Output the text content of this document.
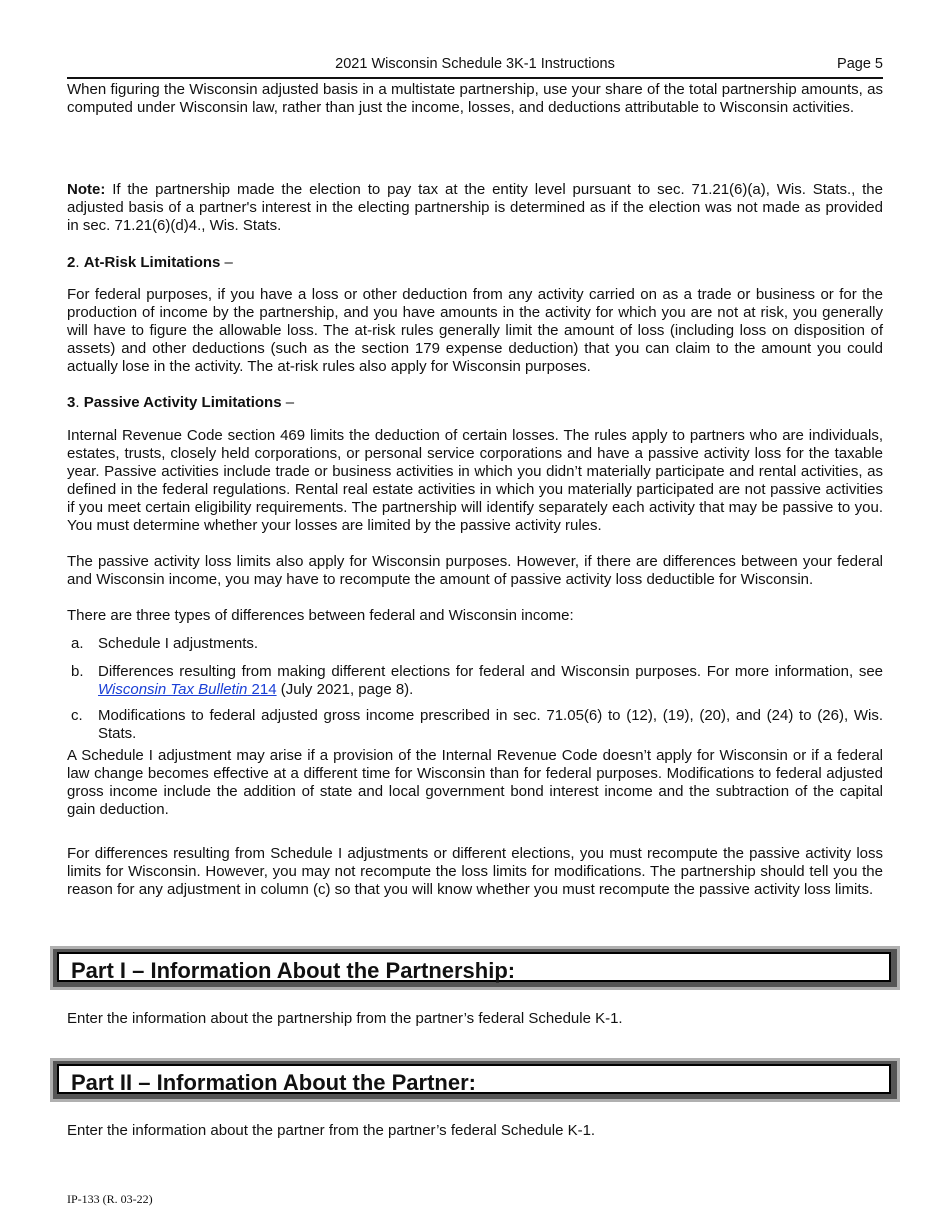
2021 Wisconsin Schedule 3K-1 Instructions	Page 5

When figuring the Wisconsin adjusted basis in a multistate partnership, use your share of the total partnership amounts, as computed under Wisconsin law, rather than just the income, losses, and deductions attributable to Wisconsin activities.

Note: If the partnership made the election to pay tax at the entity level pursuant to sec. 71.21(6)(a), Wis. Stats., the adjusted basis of a partner's interest in the electing partnership is determined as if the election was not made as provided in sec. 71.21(6)(d)4., Wis. Stats.

2. At-Risk Limitations –

For federal purposes, if you have a loss or other deduction from any activity carried on as a trade or business or for the production of income by the partnership, and you have amounts in the activity for which you are not at risk, you generally will have to figure the allowable loss. The at-risk rules generally limit the amount of loss (including loss on disposition of assets) and other deductions (such as the section 179 expense deduction) that you can claim to the amount you could actually lose in the activity. The at-risk rules also apply for Wisconsin purposes.

3. Passive Activity Limitations –

Internal Revenue Code section 469 limits the deduction of certain losses. The rules apply to partners who are individuals, estates, trusts, closely held corporations, or personal service corporations and have a passive activity loss for the taxable year. Passive activities include trade or business activities in which you didn’t materially participate and rental activities, as defined in the federal regulations. Rental real estate activities in which you materially participated are not passive activities if you meet certain eligibility requirements. The partnership will identify separately each activity that may be passive to you. You must determine whether your losses are limited by the passive activity rules.

The passive activity loss limits also apply for Wisconsin purposes. However, if there are differences between your federal and Wisconsin income, you may have to recompute the amount of passive activity loss deductible for Wisconsin.

There are three types of differences between federal and Wisconsin income:

a. Schedule I adjustments.
b. Differences resulting from making different elections for federal and Wisconsin purposes. For more information, see Wisconsin Tax Bulletin 214 (July 2021, page 8).
c. Modifications to federal adjusted gross income prescribed in sec. 71.05(6) to (12), (19), (20), and (24) to (26), Wis. Stats.

A Schedule I adjustment may arise if a provision of the Internal Revenue Code doesn’t apply for Wisconsin or if a federal law change becomes effective at a different time for Wisconsin than for federal purposes. Modifications to federal adjusted gross income include the addition of state and local government bond interest income and the subtraction of the capital gain deduction.

For differences resulting from Schedule I adjustments or different elections, you must recompute the passive activity loss limits for Wisconsin. However, you may not recompute the loss limits for modifications. The partnership should tell you the reason for any adjustment in column (c) so that you will know whether you must recompute the passive activity loss limits.

Part I – Information About the Partnership:

Enter the information about the partnership from the partner’s federal Schedule K-1.

Part II – Information About the Partner:

Enter the information about the partner from the partner’s federal Schedule K-1.

IP-133 (R. 03-22)
